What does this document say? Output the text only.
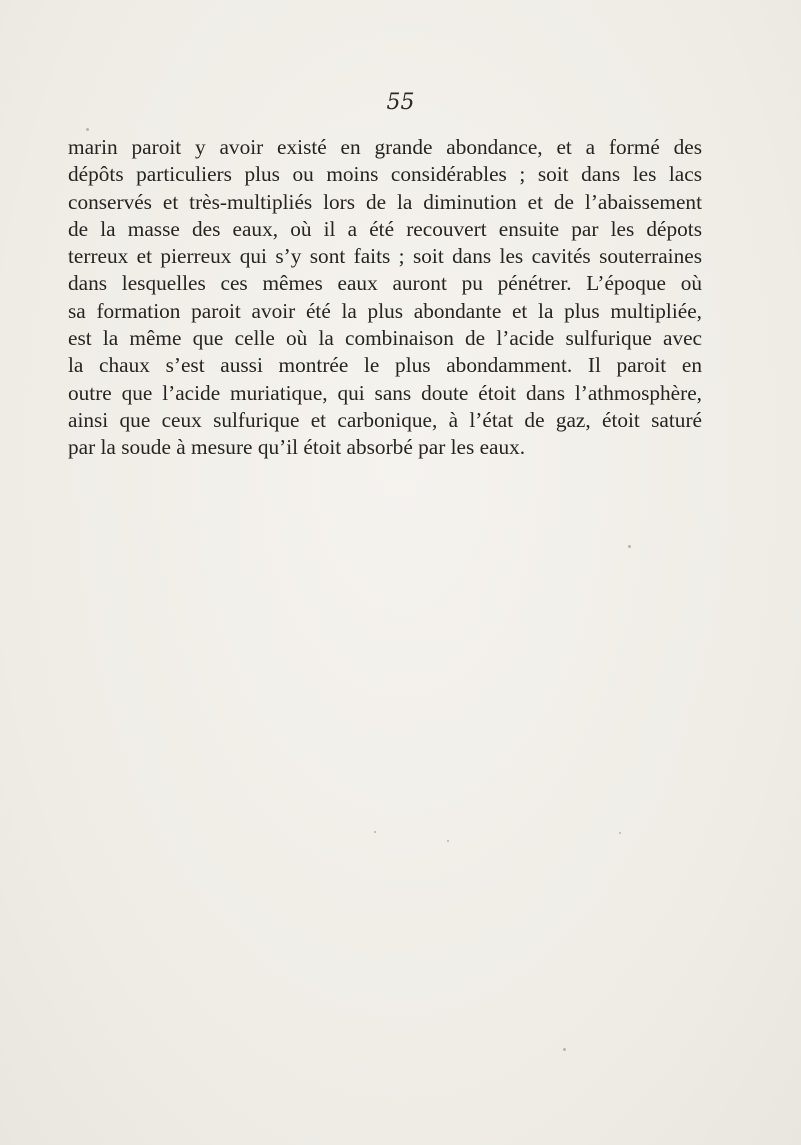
55
marin paroit y avoir existé en grande abondance, et a formé des
dépôts particuliers plus ou moins considérables ; soit dans les lacs
conservés et très-multipliés lors de la diminution et de l’abaissement
de la masse des eaux, où il a été recouvert ensuite par les dépots
terreux et pierreux qui s’y sont faits ; soit dans les cavités souterraines
dans lesquelles ces mêmes eaux auront pu pénétrer. L’époque où
sa formation paroit avoir été la plus abondante et la plus multipliée,
est la même que celle où la combinaison de l’acide sulfurique avec
la chaux s’est aussi montrée le plus abondamment. Il paroit en
outre que l’acide muriatique, qui sans doute étoit dans l’athmosphère,
ainsi que ceux sulfurique et carbonique, à l’état de gaz, étoit saturé
par la soude à mesure qu’il étoit absorbé par les eaux.
